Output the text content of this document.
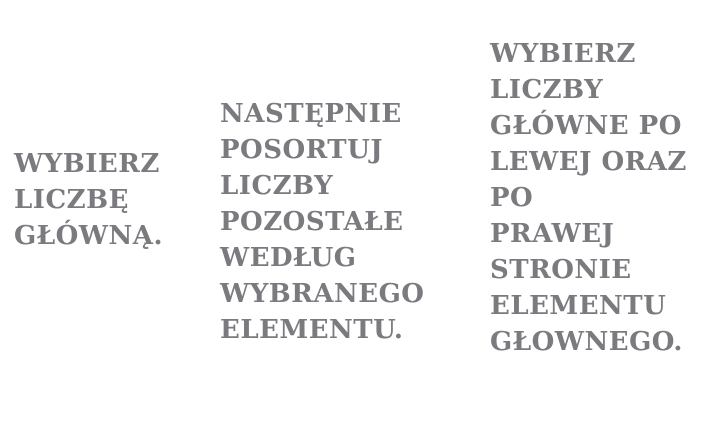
WYBIERZ
LICZBĘ
GŁÓWNĄ.
NASTĘPNIE
POSORTUJ LICZBY
POZOSTAŁE
WEDŁUG
WYBRANEGO
ELEMENTU.
WYBIERZ
LICZBY
GŁÓWNE PO
LEWEJ ORAZ PO
PRAWEJ
STRONIE
ELEMENTU
GŁOWNEGO.
